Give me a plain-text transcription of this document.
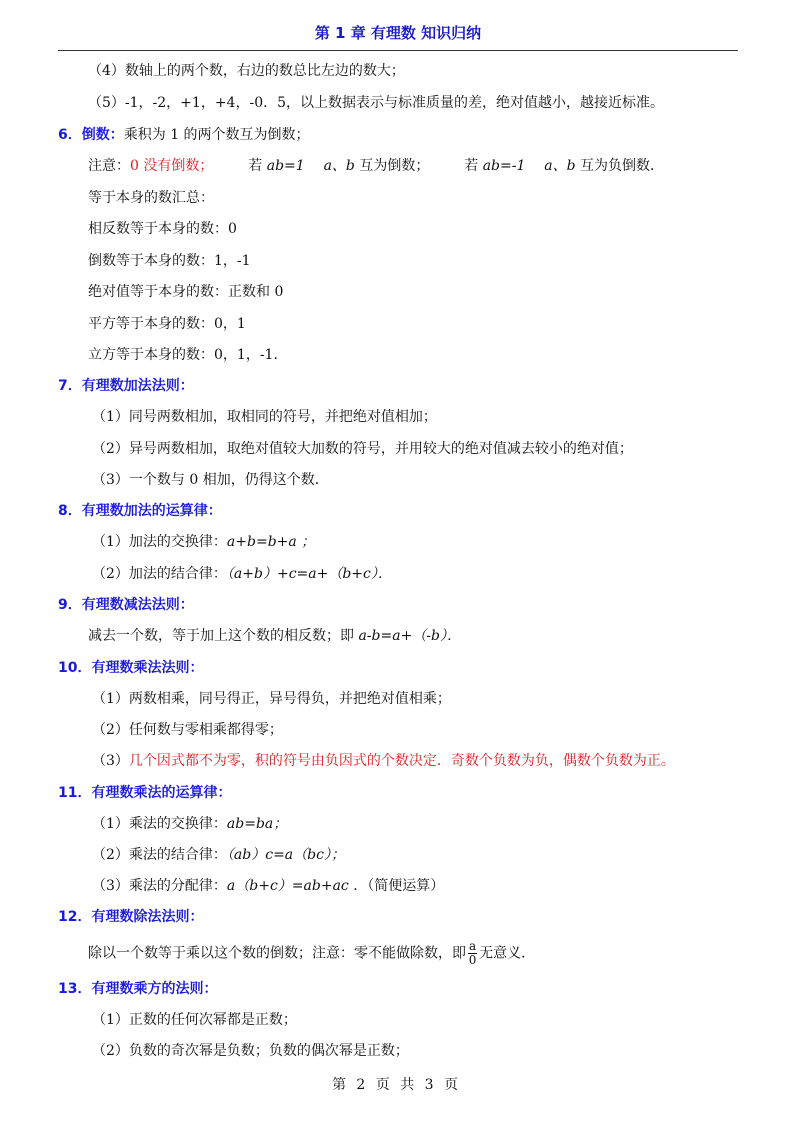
第 1 章 有理数 知识归纳
（4）数轴上的两个数，右边的数总比左边的数大；
（5）-1，-2，+1，+4，-0．5，以上数据表示与标准质量的差，绝对值越小，越接近标准。
6．倒数：乘积为 1 的两个数互为倒数；
注意：0 没有倒数； 若 ab=1 a、b 互为倒数； 若 ab=-1 a、b 互为负倒数．
等于本身的数汇总：
相反数等于本身的数：0
倒数等于本身的数：1，-1
绝对值等于本身的数：正数和 0
平方等于本身的数：0，1
立方等于本身的数：0，1，-1．
7．有理数加法法则：
（1）同号两数相加，取相同的符号，并把绝对值相加；
（2）异号两数相加，取绝对值较大加数的符号，并用较大的绝对值减去较小的绝对值；
（3）一个数与 0 相加，仍得这个数．
8．有理数加法的运算律：
（1）加法的交换律：a+b=b+a ；
（2）加法的结合律：（a+b）+c=a+（b+c）．
9．有理数减法法则：
减去一个数，等于加上这个数的相反数；即 a-b=a+（-b）．
10．有理数乘法法则：
（1）两数相乘，同号得正，异号得负，并把绝对值相乘；
（2）任何数与零相乘都得零；
（3）几个因式都不为零，积的符号由负因式的个数决定．奇数个负数为负，偶数个负数为正。
11．有理数乘法的运算律：
（1）乘法的交换律：ab=ba；
（2）乘法的结合律：（ab）c=a（bc）；
（3）乘法的分配律：a（b+c）=ab+ac ．（简便运算）
12．有理数除法法则：
除以一个数等于乘以这个数的倒数；注意：零不能做除数，即 $\frac{a}{0}$ 无意义．
13．有理数乘方的法则：
（1）正数的任何次幂都是正数；
（2）负数的奇次幂是负数；负数的偶次幂是正数；
第 2 页 共 3 页
